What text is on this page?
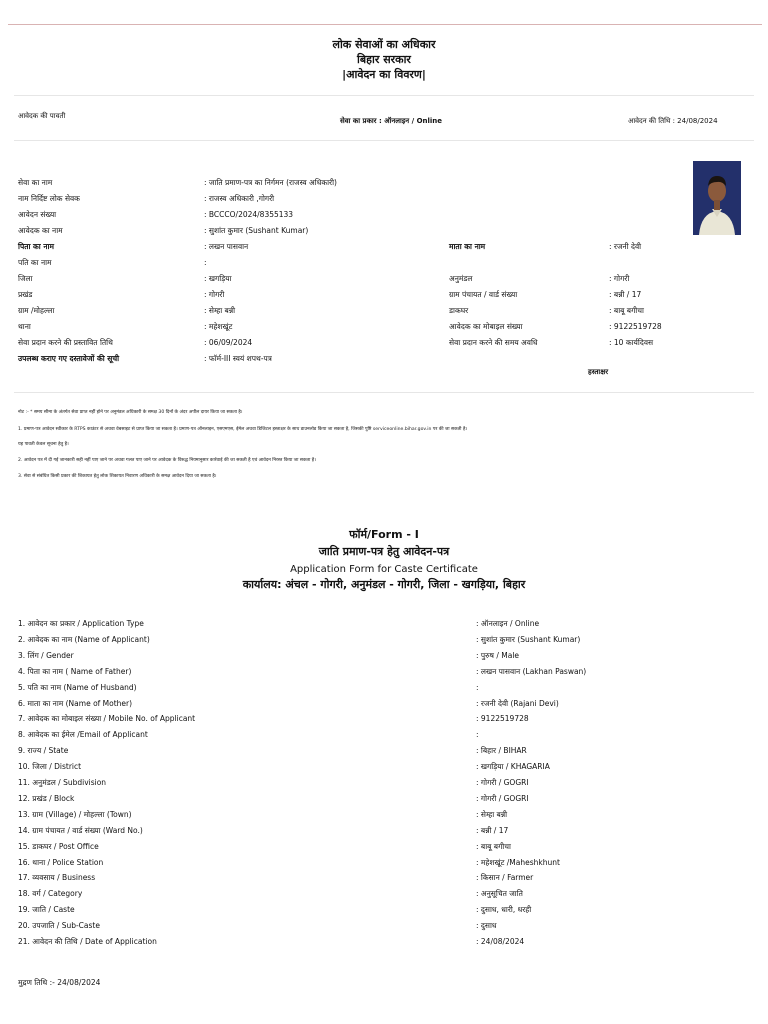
लोक सेवाओं का अधिकार
बिहार सरकार
|आवेदन का विवरण|
आवेदक की पावती
सेवा का प्रकार : ऑनलाइन / Online	आवेदन की तिथि : 24/08/2024
सेवा का नाम	: जाति प्रमाण-पत्र का निर्गमन (राजस्व अधिकारी)
नाम निर्दिष्ट लोक सेवक	: राजस्व अधिकारी ,गोगरी
आवेदन संख्या	: BCCCO/2024/8355133
आवेदक का नाम	: सुशांत कुमार (Sushant Kumar)
पिता का नाम	: लखन पासवान	माता का नाम	: रजनी देवी
पति का नाम	:
जिला	: खगड़िया	अनुमंडल	: गोगरी
प्रखंड	: गोगरी	ग्राम पंचायत / वार्ड संख्या	: बन्नी / 17
ग्राम /मोहल्ला	: सेम्हा बन्नी	डाकघर	: बाबू बगीचा
थाना	: महेशखूंट	आवेदक का मोबाइल संख्या	: 9122519728
सेवा प्रदान करने की प्रस्तावित तिथि	: 06/09/2024	सेवा प्रदान करने की समय अवधि	: 10 कार्यदिवस
उपलब्ध कराए गए दस्तावेजों की सूची	: फॉर्म-III स्वयं शपथ-पत्र
हस्ताक्षर
नोट :- * समय सीमा के अंतर्गत सेवा प्राप्त नहीं होने पर अनुमंडल अधिकारी के समक्ष 30 दिनों के अंदर अपील दायर किया जा सकता है।
1. प्रमाण-पत्र आवेदन स्वीकार के RTPS काउंटर से अथवा वेबसाइट से प्राप्त किया जा सकता है। प्रमाण-पत्र ऑनलाइन, एसएमएस, ईमेल अथवा डिजिटल हस्ताक्षर के साथ डाउनलोड किया जा सकता है, जिसकी पुष्टि serviceonline.bihar.gov.in पर की जा सकती है।
यह पावती केवल सूचना हेतु है।
2. आवेदन पत्र में दी गई जानकारी सही नहीं पाए जाने पर अथवा गलत पाए जाने पर आवेदक के विरुद्ध नियमानुसार कार्रवाई की जा सकती है एवं आवेदन निरस्त किया जा सकता है।
3. सेवा से संबंधित किसी प्रकार की शिकायत हेतु लोक शिकायत निवारण अधिकारी के समक्ष आवेदन दिया जा सकता है।
फॉर्म/Form - I
जाति प्रमाण-पत्र हेतु आवेदन-पत्र
Application Form for Caste Certificate
कार्यालय: अंचल - गोगरी, अनुमंडल - गोगरी, जिला - खगड़िया, बिहार
1. आवेदन का प्रकार / Application Type	: ऑनलाइन / Online
2. आवेदक का नाम (Name of Applicant)	: सुशांत कुमार (Sushant Kumar)
3. लिंग / Gender	: पुरुष / Male
4. पिता का नाम ( Name of Father)	: लखन पासवान (Lakhan Paswan)
5. पति का नाम (Name of Husband)	:
6. माता का नाम (Name of Mother)	: रजनी देवी (Rajani Devi)
7. आवेदक का मोबाइल संख्या / Mobile No. of Applicant	: 9122519728
8. आवेदक का ईमेल /Email of Applicant	:
9. राज्य / State	: बिहार / BIHAR
10. जिला / District	: खगड़िया / KHAGARIA
11. अनुमंडल / Subdivision	: गोगरी / GOGRI
12. प्रखंड / Block	: गोगरी / GOGRI
13. ग्राम (Village) / मोहल्ला (Town)	: सेम्हा बन्नी
14. ग्राम पंचायत / वार्ड संख्या (Ward No.)	: बन्नी / 17
15. डाकघर / Post Office	: बाबू बगीचा
16. थाना / Police Station	: महेशखूंट /Maheshkhunt
17. व्यवसाय / Business	: किसान / Farmer
18. वर्ग / Category	: अनुसूचित जाति
19. जाति / Caste	: दुसाध, धारी, धरही
20. उपजाति / Sub-Caste	: दुसाध
21. आवेदन की तिथि / Date of Application	: 24/08/2024
मुद्रण तिथि :- 24/08/2024
